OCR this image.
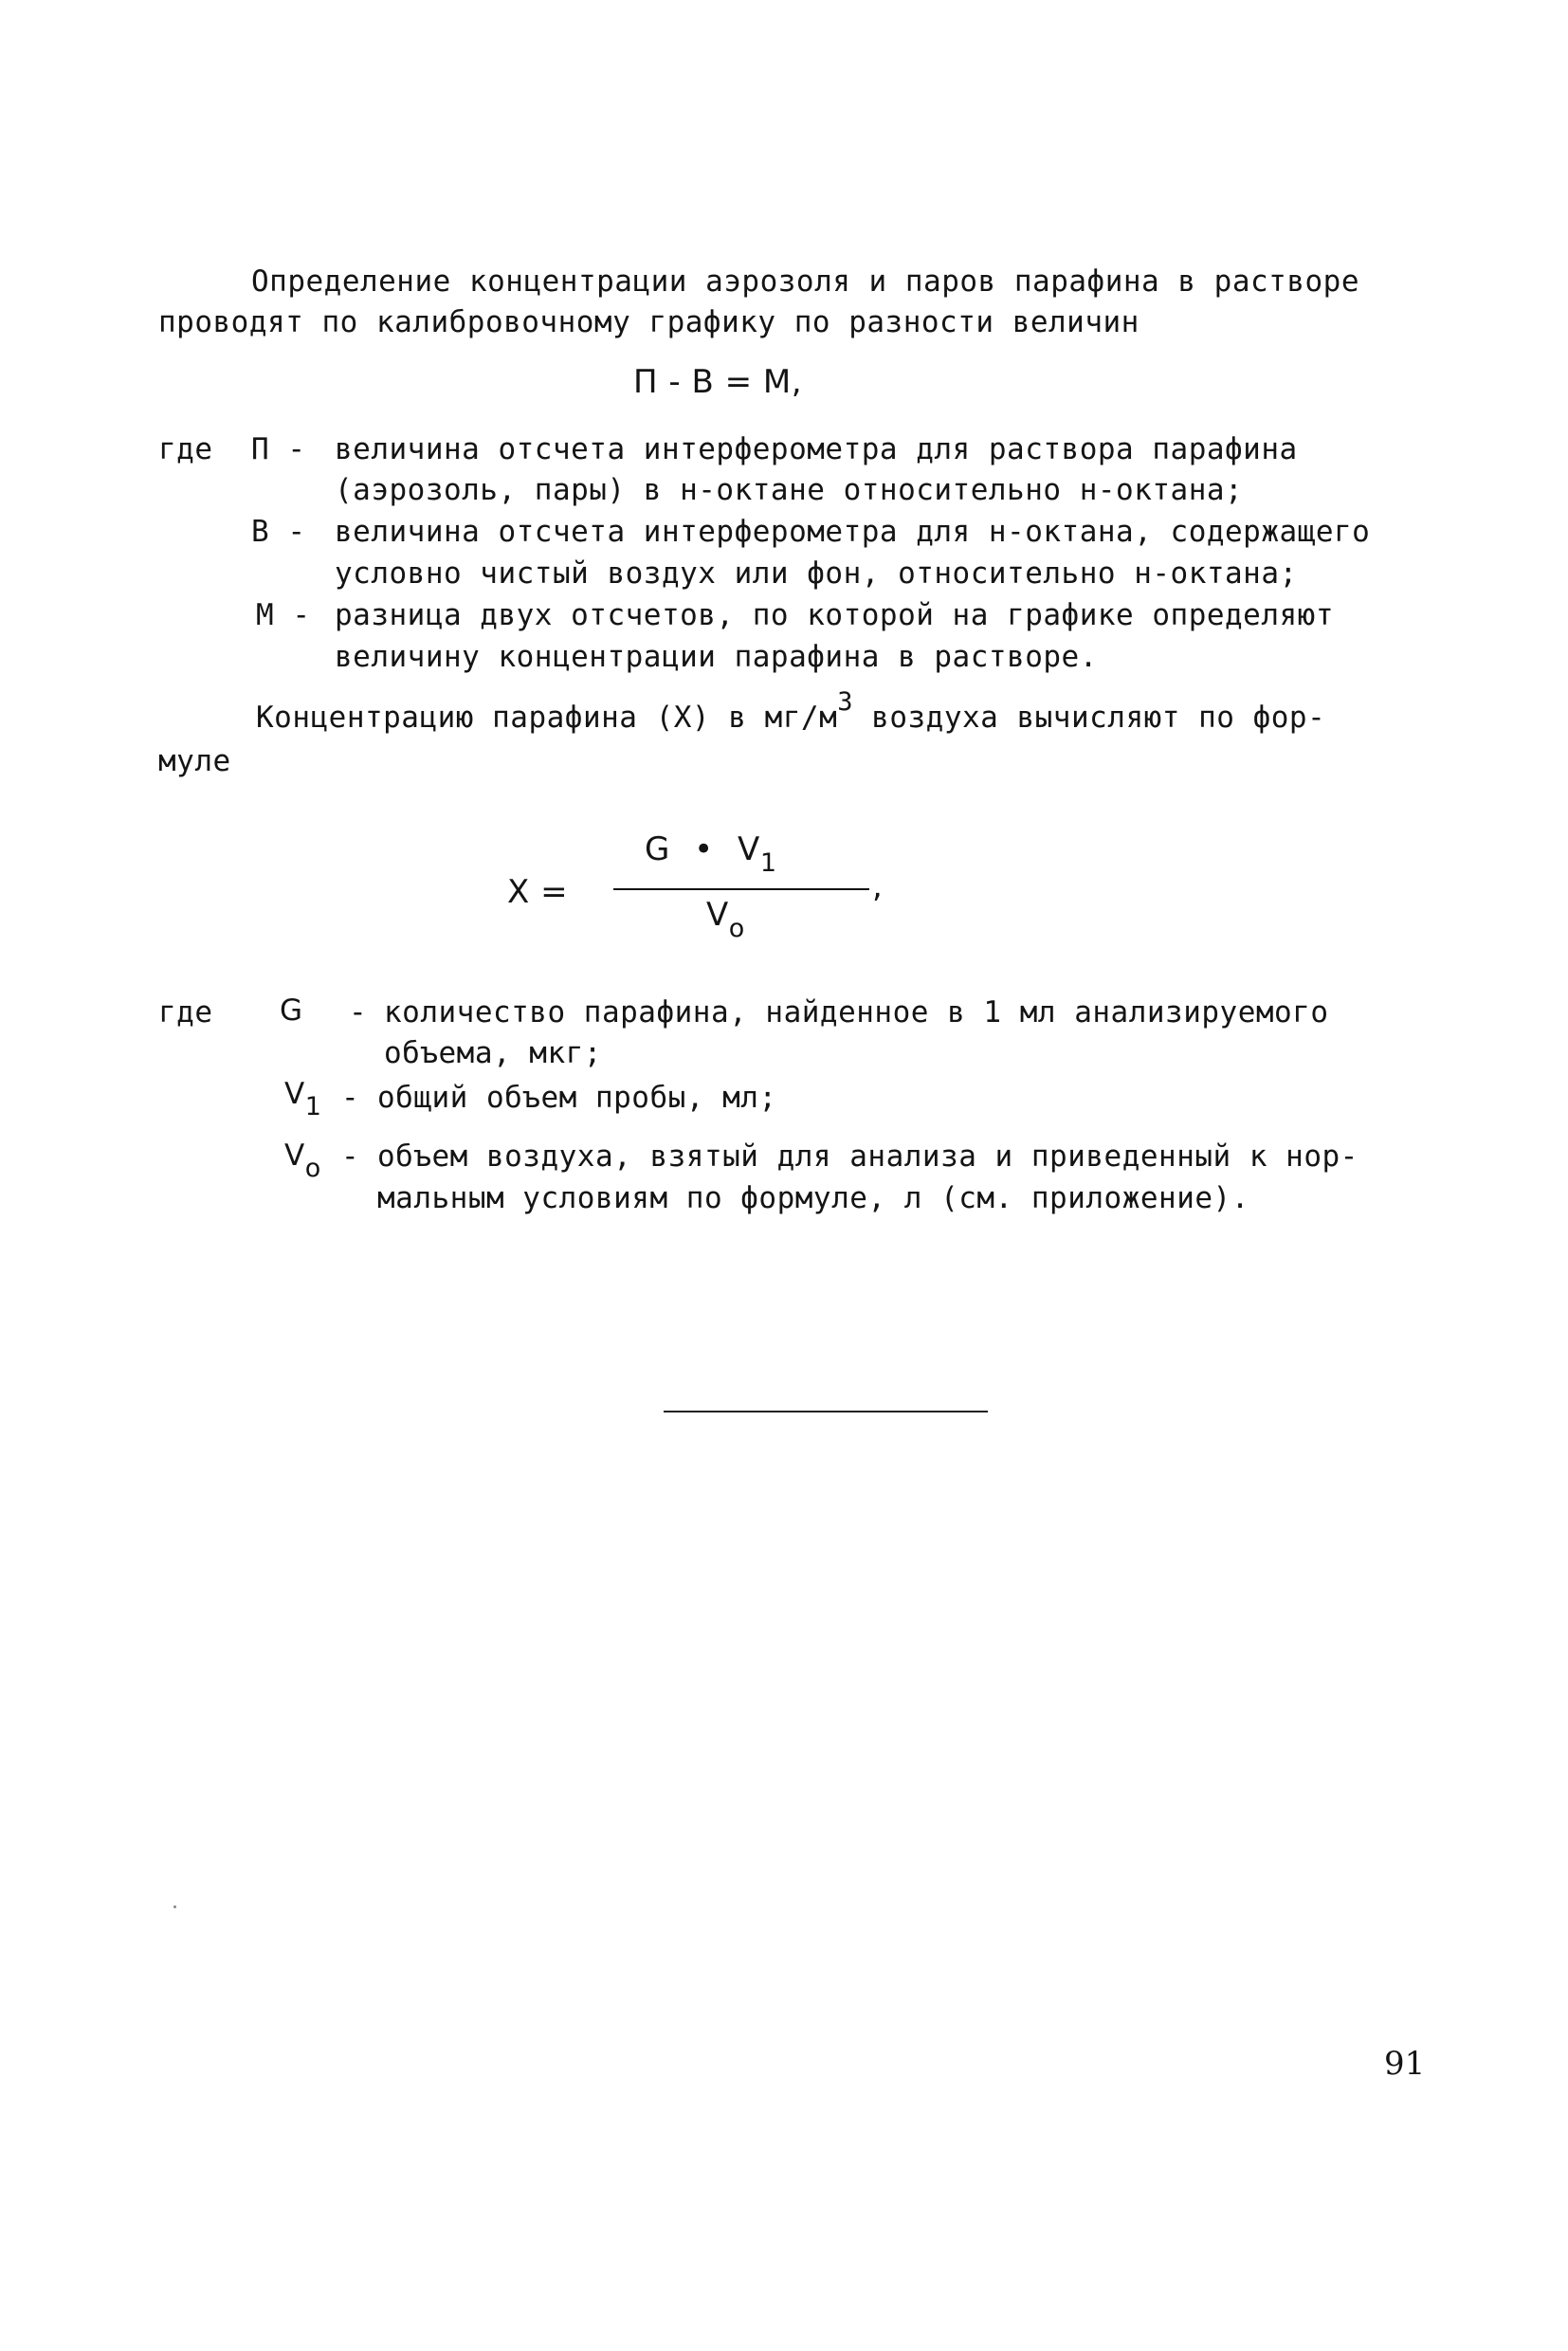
Определение концентрации аэрозоля и паров парафина в растворе
проводят по калибровочному графику по разности величин
П - В = М,
где П - величина отсчета интерферометра для раствора парафина
(аэрозоль, пары) в н-октане относительно н-октана;
В - величина отсчета интерферометра для н-октана, содержащего
условно чистый воздух или фон, относительно н-октана;
М - разница двух отсчетов, по которой на графике определяют
величину концентрации парафина в растворе.
Концентрацию парафина (X) в мг/м3 воздуха вычисляют по фор-
муле
X =
G • $V_1$
,
$V_o$
где G - количество парафина, найденное в 1 мл анализируемого
объема, мкг;
V1 - общий объем пробы, мл;
Vo - объем воздуха, взятый для анализа и приведенный к нор-
мальным условиям по формуле, л (см. приложение).
91
